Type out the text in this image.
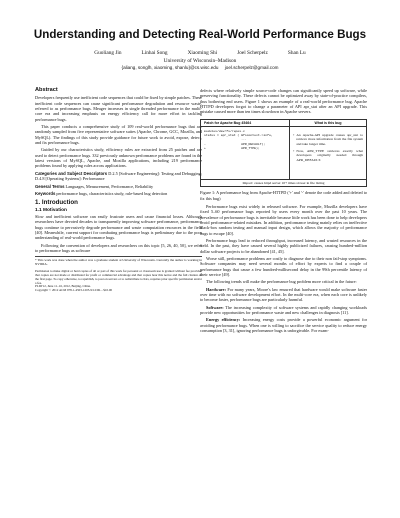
Understanding and Detecting Real-World Performance Bugs
Guoliang Jin	Linhai Song	Xiaoming Shi	Joel Scherpelz	Shan Lu
University of Wisconsin–Madison
{aliang, songlh, xiaoming, shanlu}@cs.wisc.edu     joel.scherpelz@gmail.com
Abstract

Developers frequently use inefficient code sequences that could be fixed by simple patches. These inefficient code sequences can cause significant performance degradation and resource waste, referred to as performance bugs. Meager increases in single threaded performance in the multi-core era and increasing emphasis on energy efficiency call for more effort in tackling performance bugs.

This paper conducts a comprehensive study of 109 real-world performance bugs that are randomly sampled from five representative software suites (Apache, Chrome, GCC, Mozilla, and MySQL). The findings of this study provide guidance for future work to avoid, expose, detect, and fix performance bugs.

Guided by our characteristics study, efficiency rules are extracted from 25 patches and are used to detect performance bugs. 332 previously unknown performance problems are found in the latest versions of MySQL, Apache, and Mozilla applications, including 219 performance problems found by applying rules across applications.

Categories and Subject Descriptors D.2.5 [Software Engineering]: Testing and Debugging; D.4.8 [Operating Systems]: Performance
General Terms Languages, Measurement, Performance, Reliability
Keywords performance bugs, characteristics study, rule-based bug detection
1. Introduction
1.1 Motivation

Slow and inefficient software can easily frustrate users and cause financial losses. Although researchers have devoted decades to transparently improving software performance, performance bugs continue to pervasively degrade performance and waste computation resources in the field [40]. Meanwhile, current support for combating performance bugs is preliminary due to the poor understanding of real-world performance bugs.

Following the convention of developers and researchers on this topic [5, 26, 40, 50], we refer to performance bugs as software

* This work was done when the author was a graduate student at University of Wisconsin. Currently the author is working in NVIDIA.
Permission to make digital or hard copies of all or part of this work for personal or classroom use is granted without fee provided that copies are not made or distributed for profit or commercial advantage and that copies bear this notice and the full citation on the first page. To copy otherwise, to republish, to post on servers or to redistribute to lists, requires prior specific permission and/or a fee.
PLDI'12, June 11–16, 2012, Beijing, China.
Copyright © 2012 ACM 978-1-4503-1205-9/12/06... $10.00

defects where relatively simple source-code changes can significantly speed up software, while preserving functionality. These defects cannot be optimized away by state-of-practice compilers, thus bothering end users. Figure 1 shows an example of a real-world performance bug. Apache HTTPD developers forgot to change a parameter of API apr_stat after an API upgrade. This mistake caused more than ten times slowdown in Apache servers.

Patch for Apache Bug 45464	What is this bug
modules/dav/fs/repos.c
status = apr_stat ( &fscontext->info,
...
-                   APR_DEFAULT);
+                   APR_TYPE);
• An Apache-API upgrade causes apr_stat to retrieve more information from the file system and take longer time.
• Now, APR_TYPE retrieves exactly what developers originally needed through APR_DEFAULT.
Impact: causes httpd server 10+ times slower in file listing

Figure 1: A performance bug from Apache-HTTPD ('+' and '-' denote the code added and deleted to fix this bug)

Performance bugs exist widely in released software. For example, Mozilla developers have fixed 5–60 performance bugs reported by users every month over the past 10 years. The prevalence of performance bugs is inevitable because little work has been done to help developers avoid performance-related mistakes. In addition, performance testing mainly relies on ineffective black-box random testing and manual input design, which allows the majority of performance bugs to escape [40].

Performance bugs lead to reduced throughput, increased latency, and wasted resources in the field. In the past, they have caused several highly publicized failures, causing hundred-million dollar software projects to be abandoned [41, 45].

Worse still, performance problems are costly to diagnose due to their non fail-stop symptoms. Software companies may need several months of effort by experts to find a couple of performance bugs that cause a few hundred-millisecond delay in the 99th percentile latency of their service [49].

The following trends will make the performance bug problem more critical in the future:

Hardware: For many years, Moore's law ensured that hardware would make software faster over time with no software development effort. In the multi-core era, when each core is unlikely to become faster, performance bugs are particularly harmful.

Software: The increasing complexity of software systems and rapidly changing workloads provide new opportunities for performance waste and new challenges in diagnosis [11].

Energy efficiency: Increasing energy costs provide a powerful economic argument for avoiding performance bugs. When one is willing to sacrifice the service quality to reduce energy consumption [3, 31], ignoring performance bugs is unforgivable. For exam-
